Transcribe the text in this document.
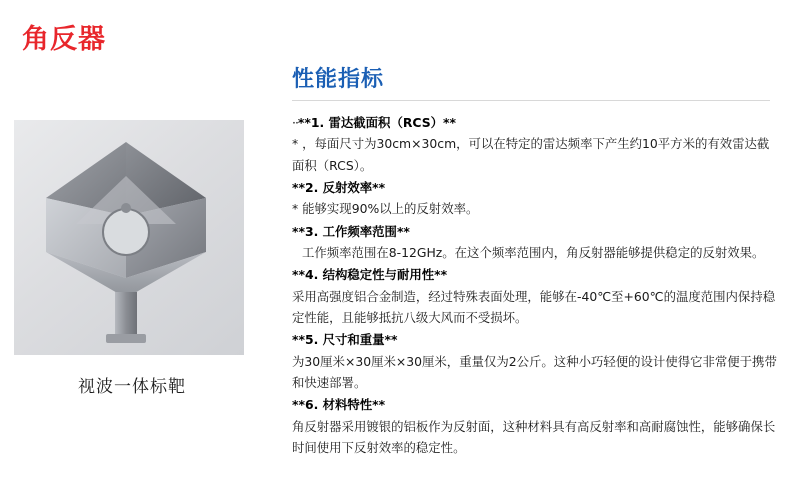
角反器
视波一体标靶
性能指标
··**1. 雷达截面积（RCS）**
* ，每面尺寸为30cm×30cm，可以在特定的雷达频率下产生约10平方米的有效雷达截面积（RCS）。
**2. 反射效率**
* 能够实现90%以上的反射效率。
**3. 工作频率范围**
工作频率范围在8-12GHz。在这个频率范围内，角反射器能够提供稳定的反射效果。
**4. 结构稳定性与耐用性**
采用高强度铝合金制造，经过特殊表面处理，能够在-40℃至+60℃的温度范围内保持稳定性能，且能够抵抗八级大风而不受损坏。
**5. 尺寸和重量**
为30厘米×30厘米×30厘米，重量仅为2公斤。这种小巧轻便的设计使得它非常便于携带和快速部署。
**6. 材料特性**
角反射器采用镀银的铝板作为反射面，这种材料具有高反射率和高耐腐蚀性，能够确保长时间使用下反射效率的稳定性。
